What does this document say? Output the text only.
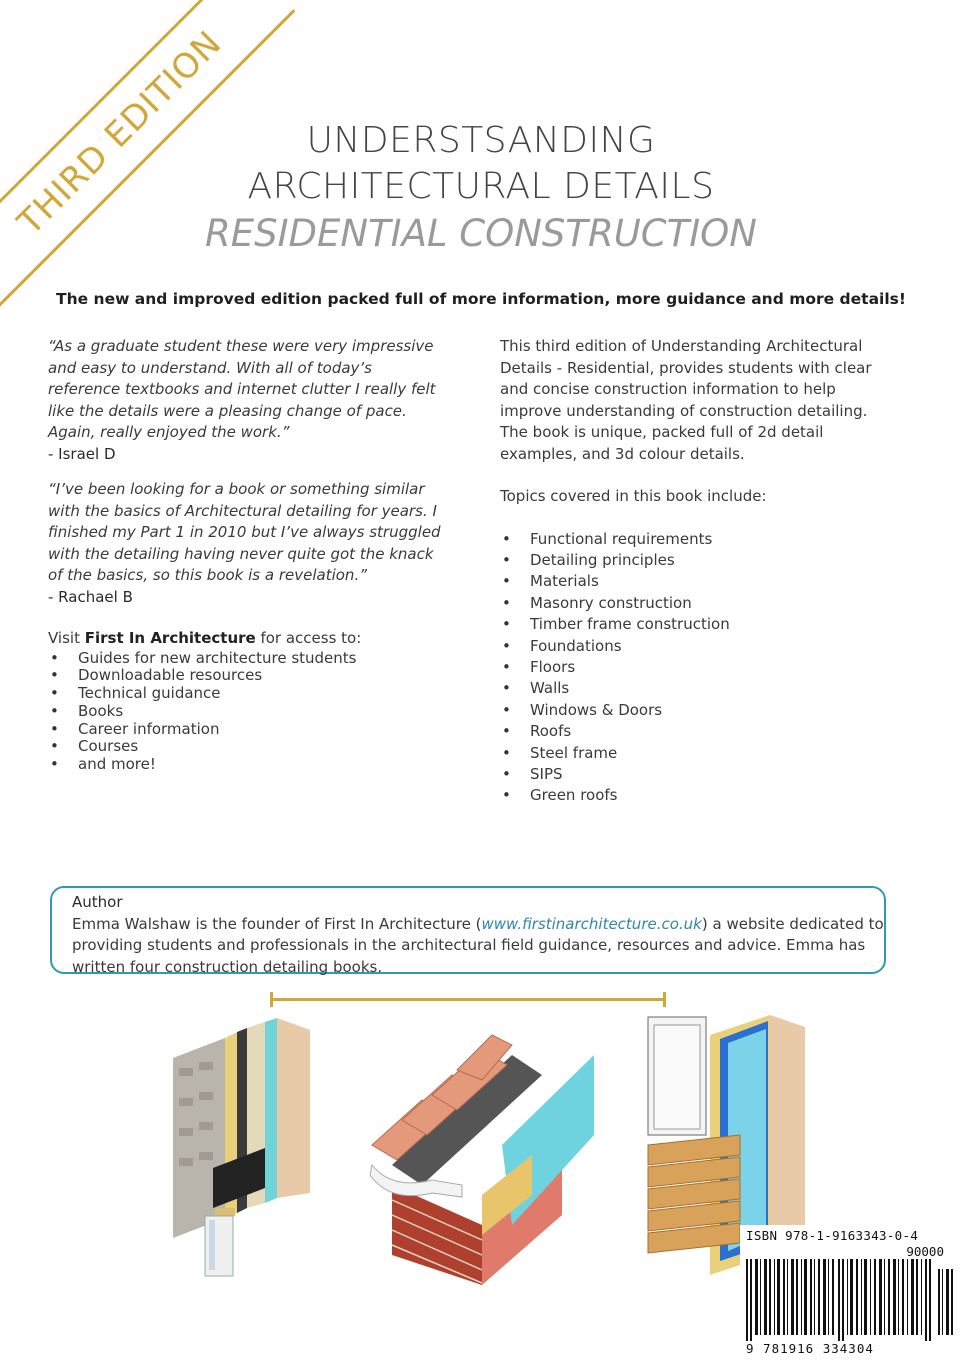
THIRD EDITION	UNDERSTSANDING
ARCHITECTURAL DETAILS
RESIDENTIAL CONSTRUCTION
The new and improved edition packed full of more information, more guidance and more details!
“As a graduate student these were very impressive and easy to understand. With all of today’s reference textbooks and internet clutter I really felt like the details were a pleasing change of pace. Again, really enjoyed the work.”
- Israel D
“I’ve been looking for a book or something similar with the basics of Architectural detailing for years. I finished my Part 1 in 2010 but I’ve always struggled with the detailing having never quite got the knack of the basics, so this book is a revelation.”
- Rachael B
Visit First In Architecture for access to:
• Guides for new architecture students
• Downloadable resources
• Technical guidance
• Books
• Career information
• Courses
• and more!

This third edition of Understanding Architectural Details - Residential, provides students with clear and concise construction information to help improve understanding of construction detailing. The book is unique, packed full of 2d detail examples, and 3d colour details.

Topics covered in this book include:

• Functional requirements
• Detailing principles
• Materials
• Masonry construction
• Timber frame construction
• Foundations
• Floors
• Walls
• Windows & Doors
• Roofs
• Steel frame
• SIPS
• Green roofs
Author
Emma Walshaw is the founder of First In Architecture (www.firstinarchitecture.co.uk) a website dedicated to providing students and professionals in the architectural field guidance, resources and advice. Emma has written four construction detailing books.
ISBN 978-1-9163343-0-4
90000
9 781916 334304
